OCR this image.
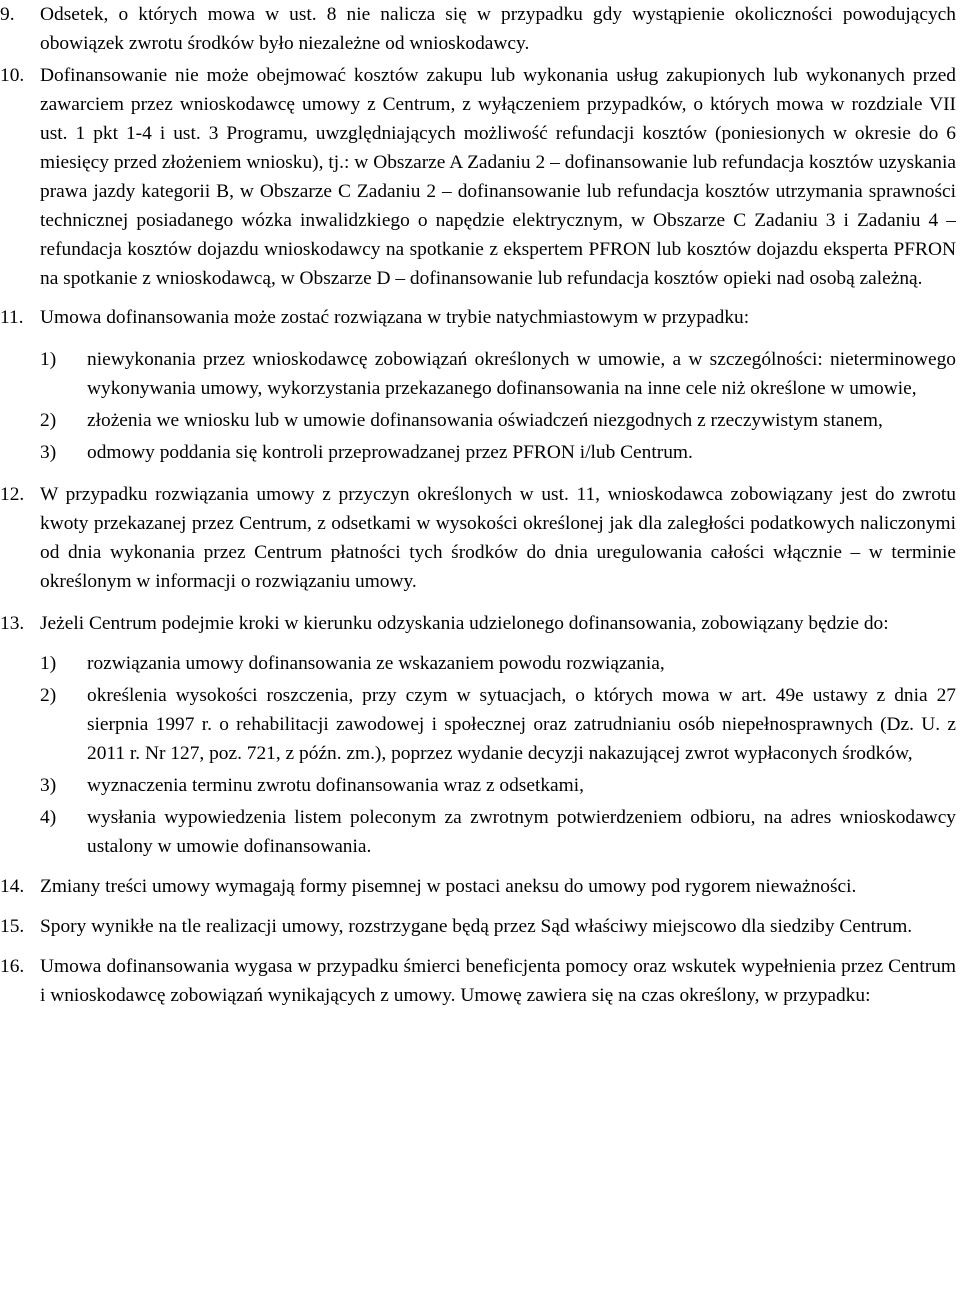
9.	Odsetek, o których mowa w ust. 8 nie nalicza się w przypadku gdy wystąpienie okoliczności powodujących obowiązek zwrotu środków było niezależne od wnioskodawcy.
10. Dofinansowanie nie może obejmować kosztów zakupu lub wykonania usług zakupionych lub wykonanych przed zawarciem przez wnioskodawcę umowy z Centrum, z wyłączeniem przypadków, o których mowa w rozdziale VII ust. 1 pkt 1-4 i ust. 3 Programu, uwzględniających możliwość refundacji kosztów (poniesionych w okresie do 6 miesięcy przed złożeniem wniosku), tj.: w Obszarze A Zadaniu 2 – dofinansowanie lub refundacja kosztów uzyskania prawa jazdy kategorii B, w Obszarze C Zadaniu 2 – dofinansowanie lub refundacja kosztów utrzymania sprawności technicznej posiadanego wózka inwalidzkiego o napędzie elektrycznym, w Obszarze C Zadaniu 3 i Zadaniu 4 – refundacja kosztów dojazdu wnioskodawcy na spotkanie z ekspertem PFRON lub kosztów dojazdu eksperta PFRON na spotkanie z wnioskodawcą, w Obszarze D – dofinansowanie lub refundacja kosztów opieki nad osobą zależną.
11. Umowa dofinansowania może zostać rozwiązana w trybie natychmiastowym w przypadku:
1)	niewykonania przez wnioskodawcę zobowiązań określonych w umowie, a w szczególności: nieterminowego wykonywania umowy, wykorzystania przekazanego dofinansowania na inne cele niż określone w umowie,
2)	złożenia we wniosku lub w umowie dofinansowania oświadczeń niezgodnych z rzeczywistym stanem,
3)	odmowy poddania się kontroli przeprowadzanej przez PFRON i/lub Centrum.
12. W przypadku rozwiązania umowy z przyczyn określonych w ust. 11, wnioskodawca zobowiązany jest do zwrotu kwoty przekazanej przez Centrum, z odsetkami w wysokości określonej jak dla zaległości podatkowych naliczonymi od dnia wykonania przez Centrum płatności tych środków do dnia uregulowania całości włącznie – w terminie określonym w informacji o rozwiązaniu umowy.
13. Jeżeli Centrum podejmie kroki w kierunku odzyskania udzielonego dofinansowania, zobowiązany będzie do:
1)	rozwiązania umowy dofinansowania ze wskazaniem powodu rozwiązania,
2)	określenia wysokości roszczenia, przy czym w sytuacjach, o których mowa w art. 49e ustawy z dnia 27 sierpnia 1997 r. o rehabilitacji zawodowej i społecznej oraz zatrudnianiu osób niepełnosprawnych (Dz. U. z 2011 r. Nr 127, poz. 721, z późn. zm.), poprzez wydanie decyzji nakazującej zwrot wypłaconych środków,
3)	wyznaczenia terminu zwrotu dofinansowania wraz z odsetkami,
4)	wysłania wypowiedzenia listem poleconym za zwrotnym potwierdzeniem odbioru, na adres wnioskodawcy ustalony w umowie dofinansowania.
14. Zmiany treści umowy wymagają formy pisemnej w postaci aneksu do umowy pod rygorem nieważności.
15. Spory wynikłe na tle realizacji umowy, rozstrzygane będą przez Sąd właściwy miejscowo dla siedziby Centrum.
16. Umowa dofinansowania wygasa w przypadku śmierci beneficjenta pomocy oraz wskutek wypełnienia przez Centrum i wnioskodawcę zobowiązań wynikających z umowy. Umowę zawiera się na czas określony, w przypadku:
